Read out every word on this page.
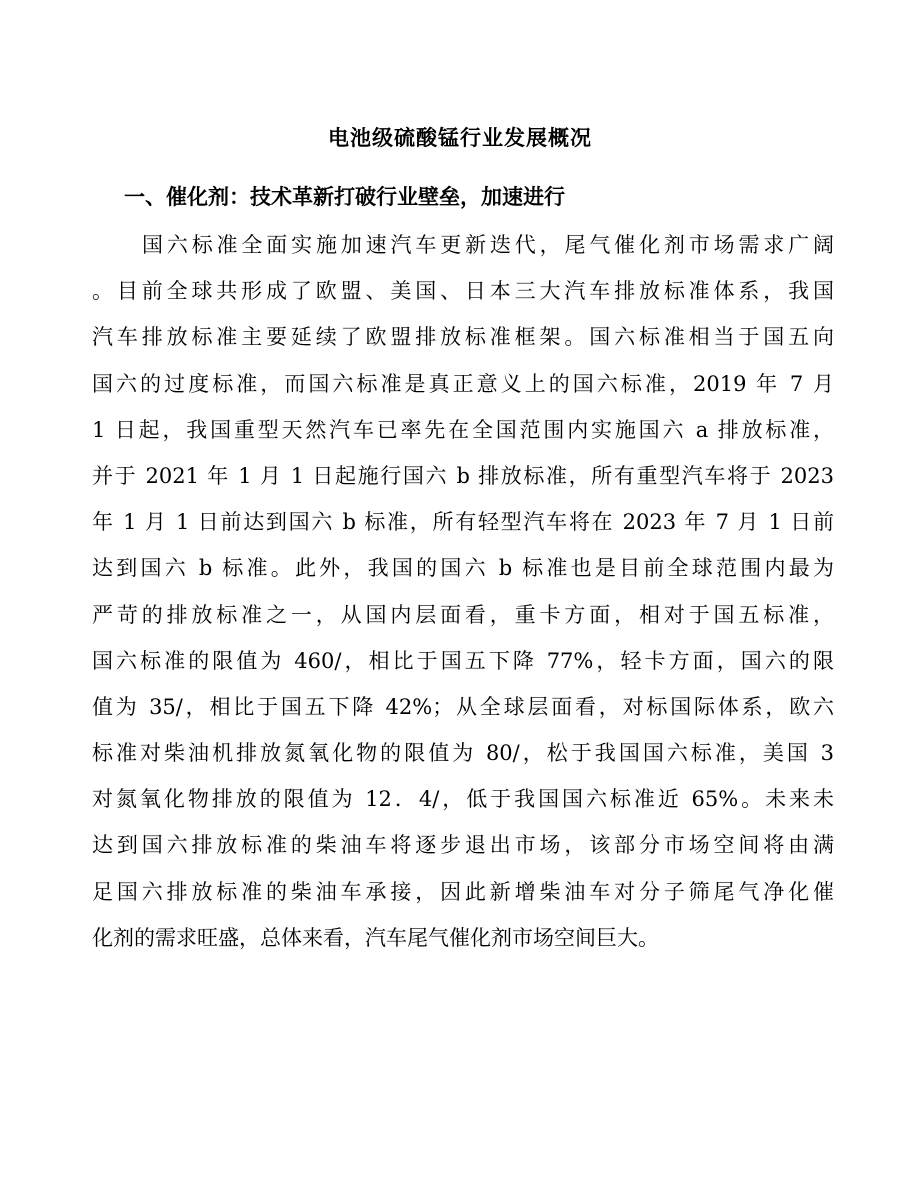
电池级硫酸锰行业发展概况
一、催化剂：技术革新打破行业壁垒，加速进行
国六标准全面实施加速汽车更新迭代，尾气催化剂市场需求广阔
。目前全球共形成了欧盟、美国、日本三大汽车排放标准体系，我国
汽车排放标准主要延续了欧盟排放标准框架。国六标准相当于国五向
国六的过度标准，而国六标准是真正意义上的国六标准，2019 年 7 月
1 日起，我国重型天然汽车已率先在全国范围内实施国六 a 排放标准，
并于 2021 年 1 月 1 日起施行国六 b 排放标准，所有重型汽车将于 2023
年 1 月 1 日前达到国六 b 标准，所有轻型汽车将在 2023 年 7 月 1 日前
达到国六 b 标准。此外，我国的国六 b 标准也是目前全球范围内最为
严苛的排放标准之一，从国内层面看，重卡方面，相对于国五标准，
国六标准的限值为 460/，相比于国五下降 77%，轻卡方面，国六的限
值为 35/，相比于国五下降 42%；从全球层面看，对标国际体系，欧六
标准对柴油机排放氮氧化物的限值为 80/，松于我国国六标准，美国 3
对氮氧化物排放的限值为 12．4/，低于我国国六标准近 65%。未来未
达到国六排放标准的柴油车将逐步退出市场，该部分市场空间将由满
足国六排放标准的柴油车承接，因此新增柴油车对分子筛尾气净化催
化剂的需求旺盛，总体来看，汽车尾气催化剂市场空间巨大。
